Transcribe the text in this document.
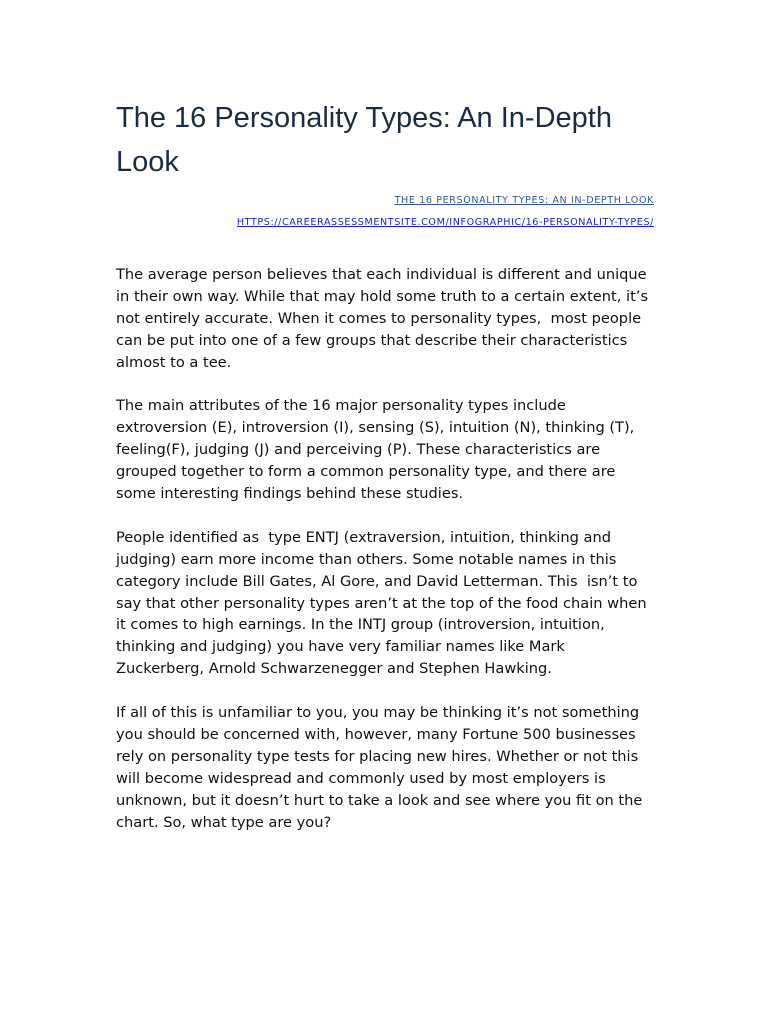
The 16 Personality Types: An In-Depth Look
THE 16 PERSONALITY TYPES: AN IN-DEPTH LOOK
HTTPS://CAREERASSESSMENTSITE.COM/INFOGRAPHIC/16-PERSONALITY-TYPES/

The average person believes that each individual is different and unique in their own way. While that may hold some truth to a certain extent, it’s not entirely accurate. When it comes to personality types,  most people can be put into one of a few groups that describe their characteristics almost to a tee.

The main attributes of the 16 major personality types include extroversion (E), introversion (I), sensing (S), intuition (N), thinking (T), feeling(F), judging (J) and perceiving (P). These characteristics are grouped together to form a common personality type, and there are some interesting findings behind these studies.

People identified as  type ENTJ (extraversion, intuition, thinking and judging) earn more income than others. Some notable names in this category include Bill Gates, Al Gore, and David Letterman. This  isn’t to say that other personality types aren’t at the top of the food chain when it comes to high earnings. In the INTJ group (introversion, intuition, thinking and judging) you have very familiar names like Mark Zuckerberg, Arnold Schwarzenegger and Stephen Hawking.

If all of this is unfamiliar to you, you may be thinking it’s not something you should be concerned with, however, many Fortune 500 businesses rely on personality type tests for placing new hires. Whether or not this will become widespread and commonly used by most employers is unknown, but it doesn’t hurt to take a look and see where you fit on the chart. So, what type are you?
